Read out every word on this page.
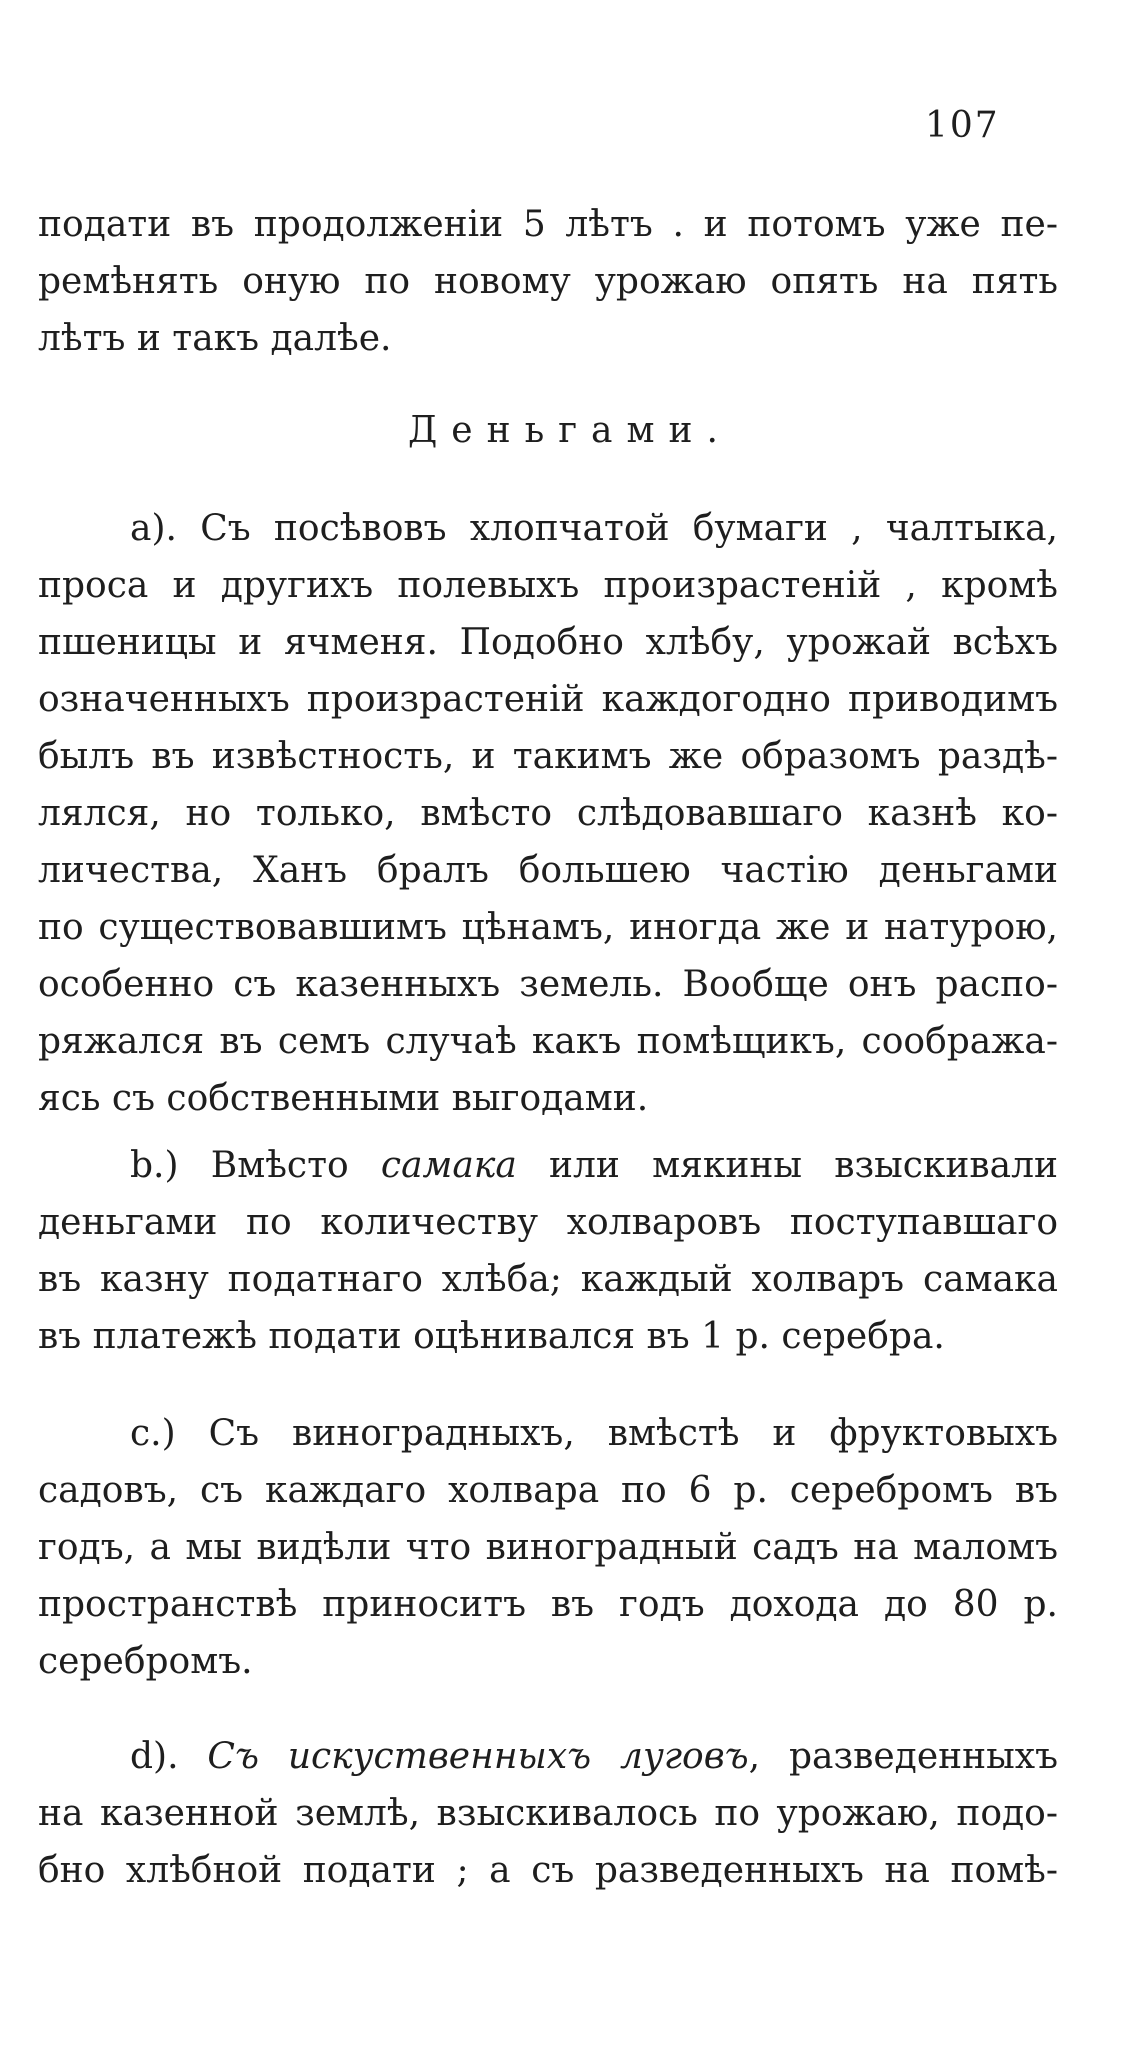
107
подати въ продолженіи 5 лѣтъ . и потомъ уже пе-
ремѣнять оную по новому урожаю опять на пять
лѣтъ и такъ далѣе.
Деньгами.
а). Съ посѣвовъ хлопчатой бумаги , чалтыка,
проса и другихъ полевыхъ произрастеній , кромѣ
пшеницы и ячменя. Подобно хлѣбу, урожай всѣхъ
означенныхъ произрастеній каждогодно приводимъ
былъ въ извѣстность, и такимъ же образомъ раздѣ-
лялся, но только, вмѣсто слѣдовавшаго казнѣ ко-
личества, Ханъ бралъ большею частію деньгами
по существовавшимъ цѣнамъ, иногда же и натурою,
особенно съ казенныхъ земель. Вообще онъ распо-
ряжался въ семъ случаѣ какъ помѣщикъ, сообража-
ясь съ собственными выгодами.
b.) Вмѣсто самака или мякины взыскивали
деньгами по количеству холваровъ поступавшаго
въ казну податнаго хлѣба; каждый холваръ самака
въ платежѣ подати оцѣнивался въ 1 р. серебра.
с.) Съ виноградныхъ, вмѣстѣ и фруктовыхъ
садовъ, съ каждаго холвара по 6 р. серебромъ въ
годъ, а мы видѣли что виноградный садъ на маломъ
пространствѣ приноситъ въ годъ дохода до 80 р.
серебромъ.
d). Съ искуственныхъ луговъ, разведенныхъ
на казенной землѣ, взыскивалось по урожаю, подо-
бно хлѣбной подати ; а съ разведенныхъ на помѣ-
